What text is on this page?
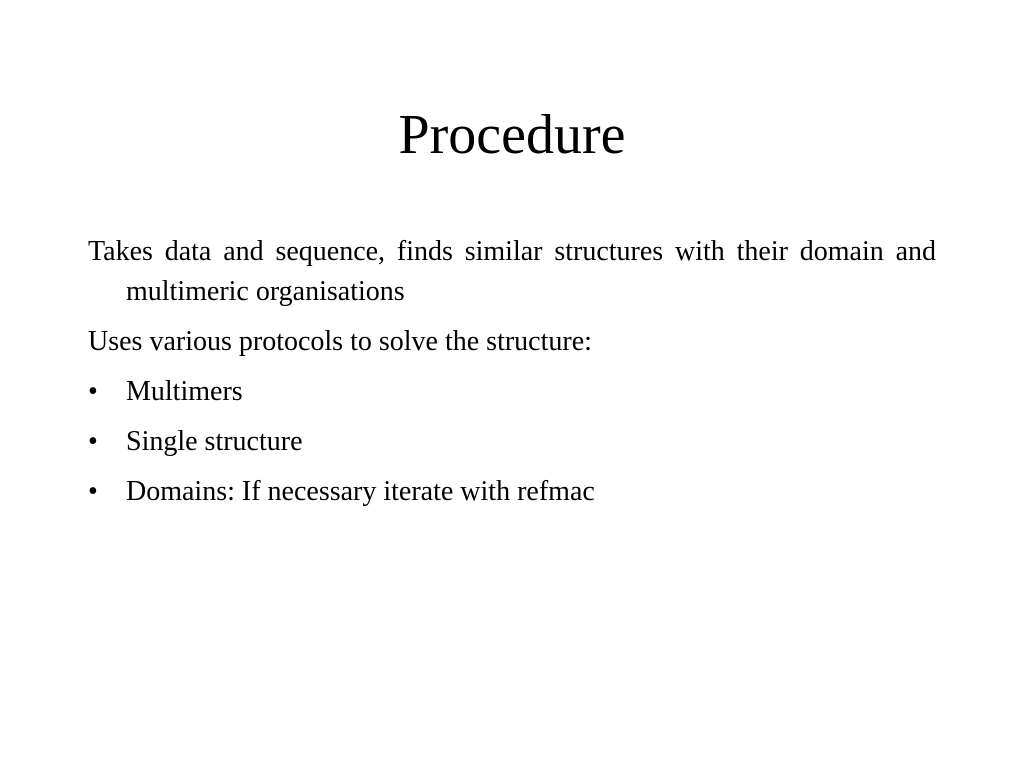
Procedure

Takes data and sequence, finds similar structures with their domain and multimeric organisations

Uses various protocols to solve the structure:

•	Multimers
•	Single structure
•	Domains: If necessary iterate with refmac
